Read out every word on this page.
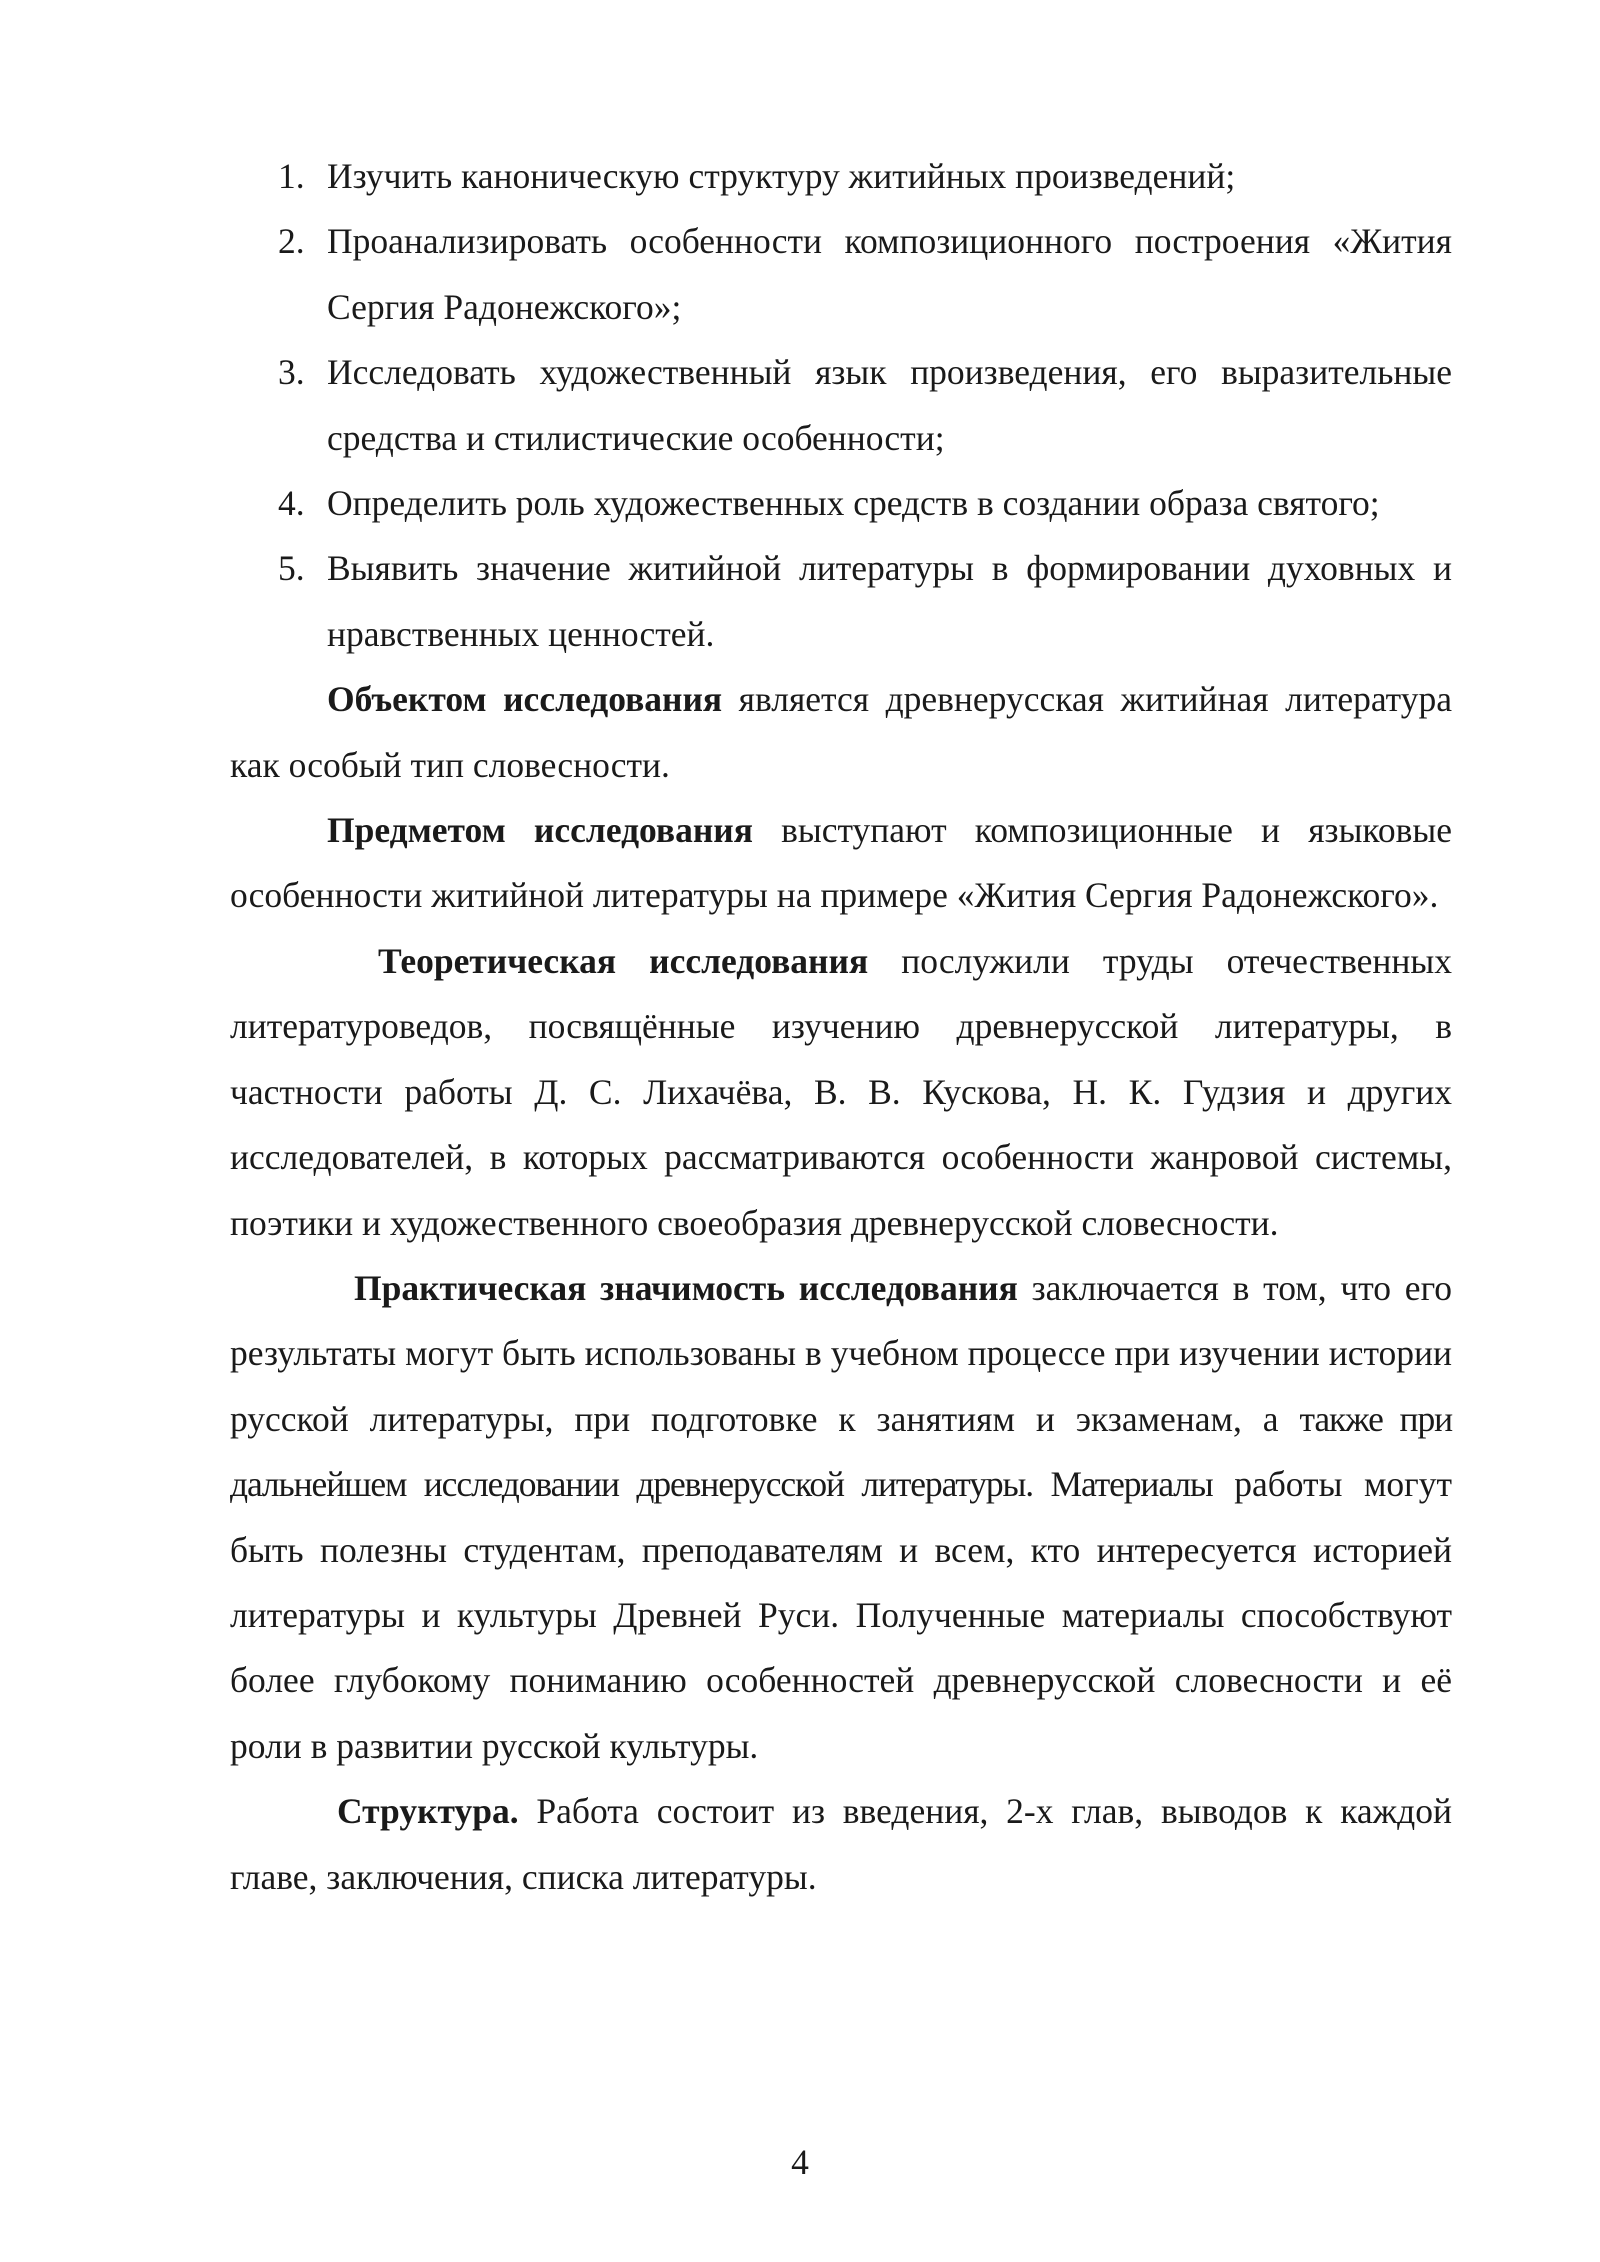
1. Изучить каноническую структуру житийных произведений;
2. Проанализировать особенности композиционного построения «Жития Сергия Радонежского»;
3. Исследовать художественный язык произведения, его выразительные средства и стилистические особенности;
4. Определить роль художественных средств в создании образа святого;
5. Выявить значение житийной литературы в формировании духовных и нравственных ценностей.

Объектом исследования является древнерусская житийная литература как особый тип словесности.

Предметом исследования выступают композиционные и языковые особенности житийной литературы на примере «Жития Сергия Радонежского».

Теоретическая исследования послужили труды отечественных литературоведов, посвящённые изучению древнерусской литературы, в частности работы Д. С. Лихачёва, В. В. Кускова, Н. К. Гудзия и других исследователей, в которых рассматриваются особенности жанровой системы, поэтики и художественного своеобразия древнерусской словесности.

Практическая значимость исследования заключается в том, что его результаты могут быть использованы в учебном процессе при изучении истории русской литературы, при подготовке к занятиям и экзаменам, а также при дальнейшем исследовании древнерусской литературы. Материалы работы могут быть полезны студентам, преподавателям и всем, кто интересуется историей литературы и культуры Древней Руси. Полученные материалы способствуют более глубокому пониманию особенностей древнерусской словесности и её роли в развитии русской культуры.

Структура. Работа состоит из введения, 2-х глав, выводов к каждой главе, заключения, списка литературы.

4
